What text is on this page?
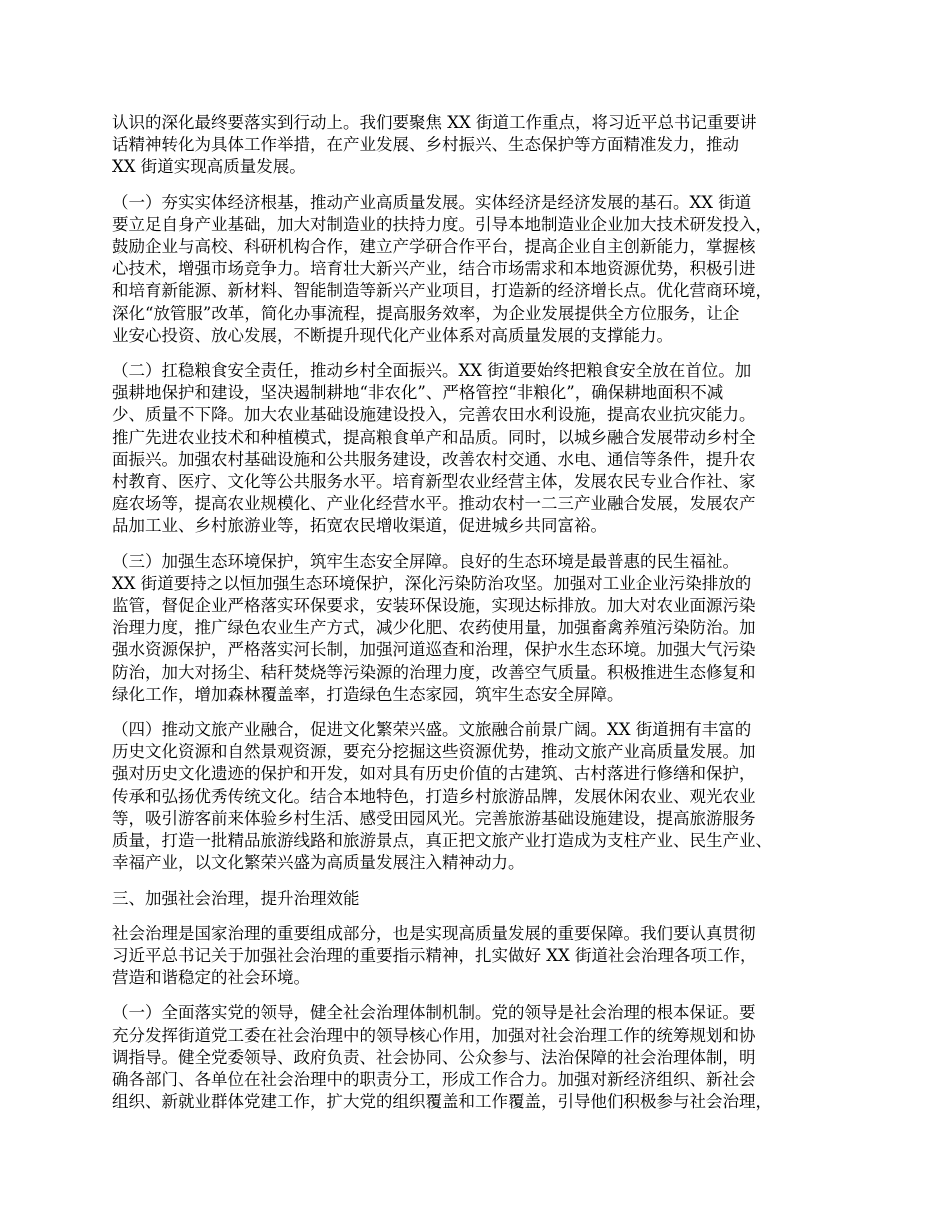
认识的深化最终要落实到行动上。我们要聚焦 XX 街道工作重点，将习近平总书记重要讲
话精神转化为具体工作举措，在产业发展、乡村振兴、生态保护等方面精准发力，推动
XX 街道实现高质量发展。

（一）夯实实体经济根基，推动产业高质量发展。实体经济是经济发展的基石。XX 街道
要立足自身产业基础，加大对制造业的扶持力度。引导本地制造业企业加大技术研发投入，
鼓励企业与高校、科研机构合作，建立产学研合作平台，提高企业自主创新能力，掌握核
心技术，增强市场竞争力。培育壮大新兴产业，结合市场需求和本地资源优势，积极引进
和培育新能源、新材料、智能制造等新兴产业项目，打造新的经济增长点。优化营商环境，
深化“放管服”改革，简化办事流程，提高服务效率，为企业发展提供全方位服务，让企
业安心投资、放心发展，不断提升现代化产业体系对高质量发展的支撑能力。

（二）扛稳粮食安全责任，推动乡村全面振兴。XX 街道要始终把粮食安全放在首位。加
强耕地保护和建设，坚决遏制耕地“非农化”、严格管控“非粮化”，确保耕地面积不减
少、质量不下降。加大农业基础设施建设投入，完善农田水利设施，提高农业抗灾能力。
推广先进农业技术和种植模式，提高粮食单产和品质。同时，以城乡融合发展带动乡村全
面振兴。加强农村基础设施和公共服务建设，改善农村交通、水电、通信等条件，提升农
村教育、医疗、文化等公共服务水平。培育新型农业经营主体，发展农民专业合作社、家
庭农场等，提高农业规模化、产业化经营水平。推动农村一二三产业融合发展，发展农产
品加工业、乡村旅游业等，拓宽农民增收渠道，促进城乡共同富裕。

（三）加强生态环境保护，筑牢生态安全屏障。良好的生态环境是最普惠的民生福祉。
XX 街道要持之以恒加强生态环境保护，深化污染防治攻坚。加强对工业企业污染排放的
监管，督促企业严格落实环保要求，安装环保设施，实现达标排放。加大对农业面源污染
治理力度，推广绿色农业生产方式，减少化肥、农药使用量，加强畜禽养殖污染防治。加
强水资源保护，严格落实河长制，加强河道巡查和治理，保护水生态环境。加强大气污染
防治，加大对扬尘、秸秆焚烧等污染源的治理力度，改善空气质量。积极推进生态修复和
绿化工作，增加森林覆盖率，打造绿色生态家园，筑牢生态安全屏障。

（四）推动文旅产业融合，促进文化繁荣兴盛。文旅融合前景广阔。XX 街道拥有丰富的
历史文化资源和自然景观资源，要充分挖掘这些资源优势，推动文旅产业高质量发展。加
强对历史文化遗迹的保护和开发，如对具有历史价值的古建筑、古村落进行修缮和保护，
传承和弘扬优秀传统文化。结合本地特色，打造乡村旅游品牌，发展休闲农业、观光农业
等，吸引游客前来体验乡村生活、感受田园风光。完善旅游基础设施建设，提高旅游服务
质量，打造一批精品旅游线路和旅游景点，真正把文旅产业打造成为支柱产业、民生产业、
幸福产业，以文化繁荣兴盛为高质量发展注入精神动力。

三、加强社会治理，提升治理效能

社会治理是国家治理的重要组成部分，也是实现高质量发展的重要保障。我们要认真贯彻
习近平总书记关于加强社会治理的重要指示精神，扎实做好 XX 街道社会治理各项工作，
营造和谐稳定的社会环境。

（一）全面落实党的领导，健全社会治理体制机制。党的领导是社会治理的根本保证。要
充分发挥街道党工委在社会治理中的领导核心作用，加强对社会治理工作的统筹规划和协
调指导。健全党委领导、政府负责、社会协同、公众参与、法治保障的社会治理体制，明
确各部门、各单位在社会治理中的职责分工，形成工作合力。加强对新经济组织、新社会
组织、新就业群体党建工作，扩大党的组织覆盖和工作覆盖，引导他们积极参与社会治理，
